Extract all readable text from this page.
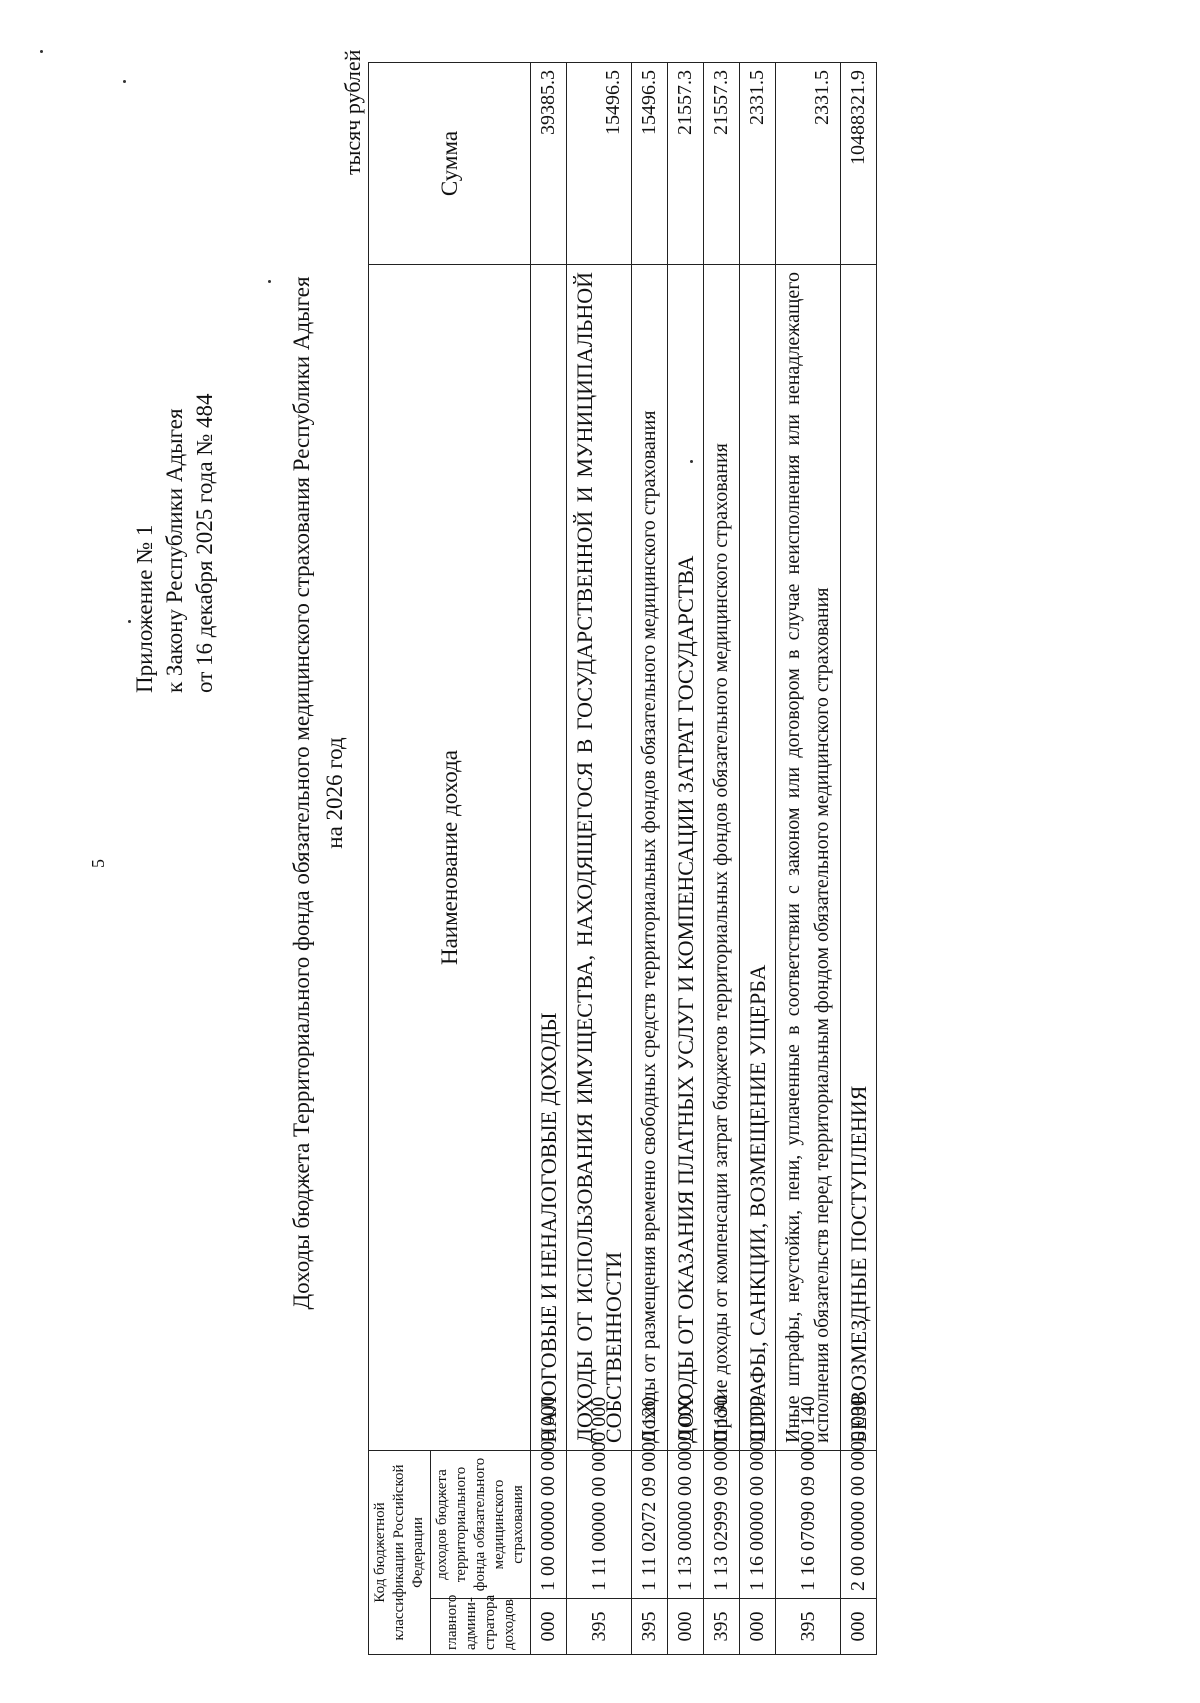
5
Приложение № 1 к Закону Республики Адыгея от 16 декабря 2025 года № 484	Доходы бюджета Территориального фонда обязательного медицинского страхования Республики Адыгея на 2026 год
тысяч рублей
Код бюджетной классификации Российской Федерации		Наименование дохода	Сумма
главного админи-стратора доходов	доходов бюджета территориального фонда обязательного медицинского страхования		
000	1 00 00000 00 0000 000	НАЛОГОВЫЕ И НЕНАЛОГОВЫЕ ДОХОДЫ	39385.3
395	1 11 00000 00 0000 000	ДОХОДЫ ОТ ИСПОЛЬЗОВАНИЯ ИМУЩЕСТВА, НАХОДЯЩЕГОСЯ В ГОСУДАРСТВЕННОЙ И МУНИЦИПАЛЬНОЙ СОБСТВЕННОСТИ	15496.5
395	1 11 02072 09 0000 120	Доходы от размещения временно свободных средств территориальных фондов обязательного медицинского страхования	15496.5
000	1 13 00000 00 0000 000	ДОХОДЫ ОТ ОКАЗАНИЯ ПЛАТНЫХ УСЛУГ И КОМПЕНСАЦИИ ЗАТРАТ ГОСУДАРСТВА	21557.3
395	1 13 02999 09 0000 130	Прочие доходы от компенсации затрат бюджетов территориальных фондов обязательного медицинского страхования	21557.3
000	1 16 00000 00 0000 000	ШТРАФЫ, САНКЦИИ, ВОЗМЕЩЕНИЕ УЩЕРБА	2331.5
395	1 16 07090 09 0000 140	Иные штрафы, неустойки, пени, уплаченные в соответствии с законом или договором в случае неисполнения или ненадлежащего исполнения обязательств перед территориальным фондом обязательного медицинского страхования	2331.5
000	2 00 00000 00 0000 000	БЕЗВОЗМЕЗДНЫЕ ПОСТУПЛЕНИЯ	10488321.9
